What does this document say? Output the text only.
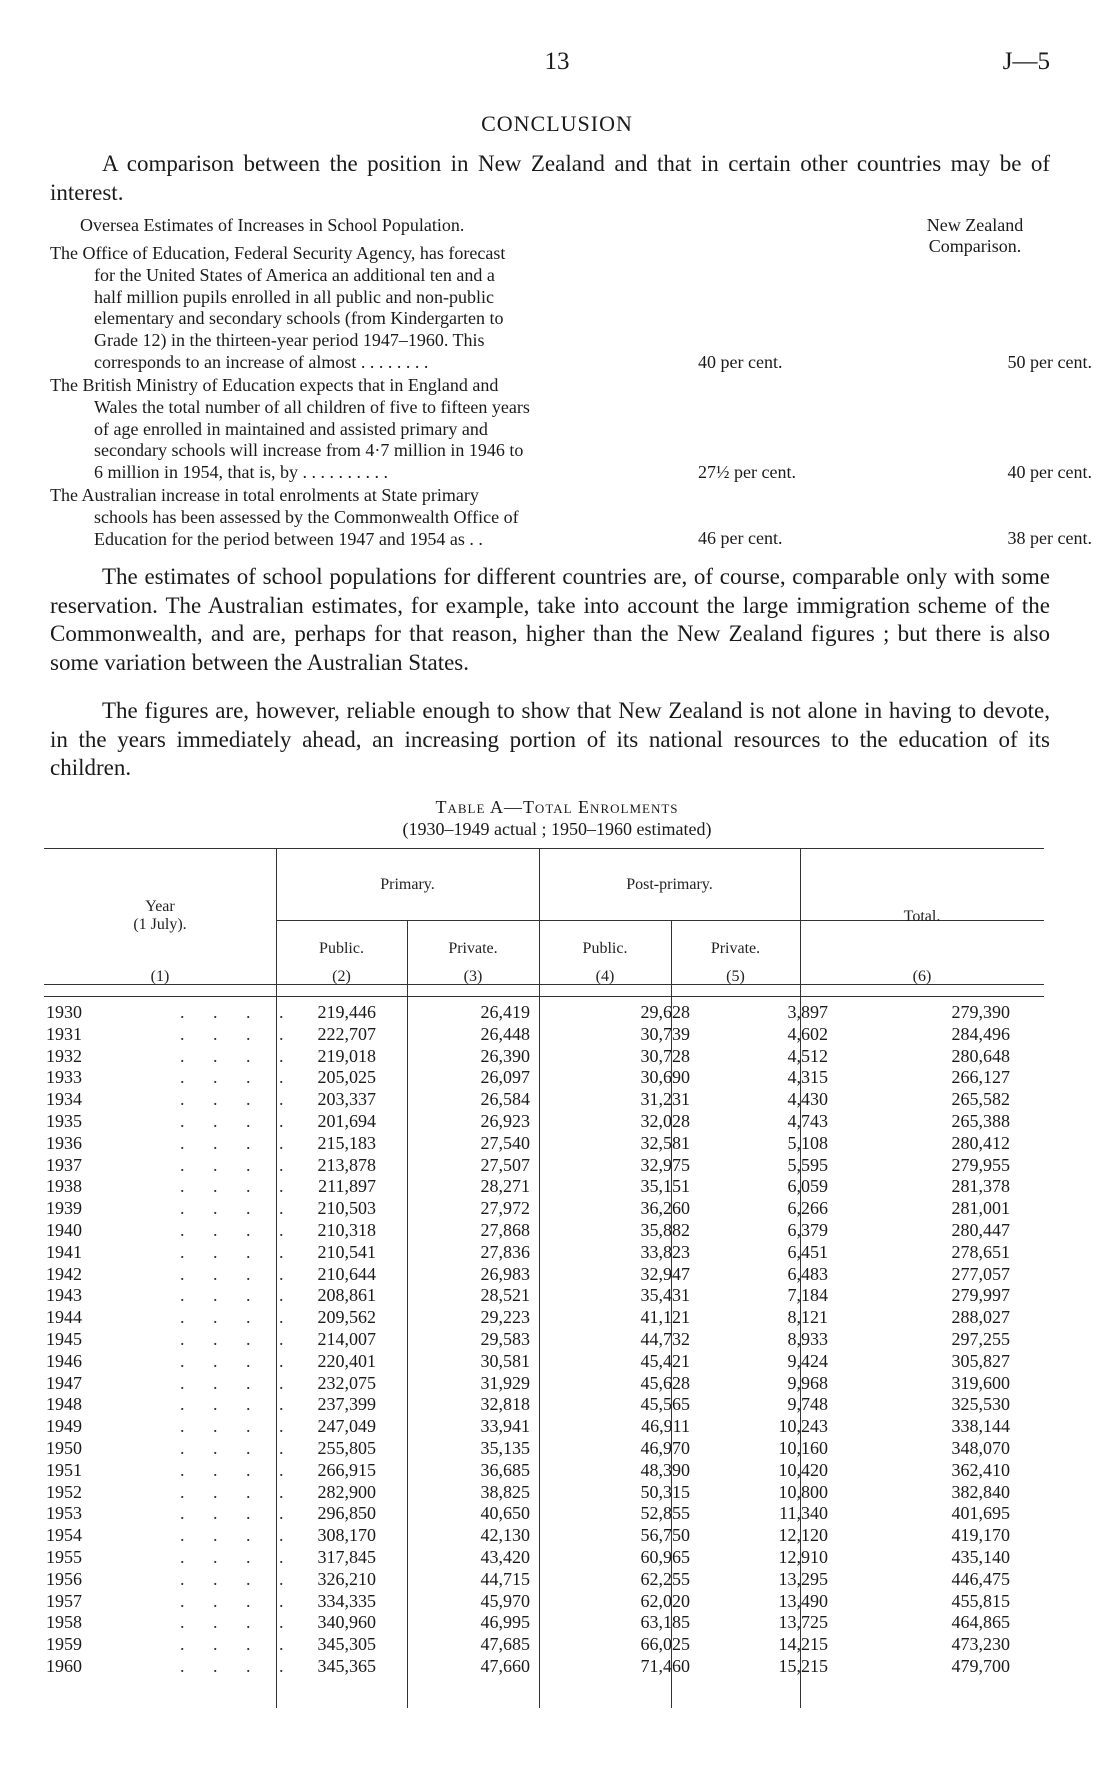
13	J—5
CONCLUSION
A comparison between the position in New Zealand and that in certain other countries may be of interest.
Oversea Estimates of Increases in School Population.	New Zealand
Comparison.
The Office of Education, Federal Security Agency, has forecast
for the United States of America an additional ten and a
half million pupils enrolled in all public and non-public
elementary and secondary schools (from Kindergarten to
Grade 12) in the thirteen-year period 1947–1960. This
corresponds to an increase of almost . . . . . . . .	40 per cent.	50 per cent.
The British Ministry of Education expects that in England and
Wales the total number of all children of five to fifteen years
of age enrolled in maintained and assisted primary and
secondary schools will increase from 4·7 million in 1946 to
6 million in 1954, that is, by . . . . . . . . . .	27½ per cent.	40 per cent.
The Australian increase in total enrolments at State primary
schools has been assessed by the Commonwealth Office of
Education for the period between 1947 and 1954 as . .	46 per cent.	38 per cent.
The estimates of school populations for different countries are, of course, comparable only with some reservation. The Australian estimates, for example, take into account the large immigration scheme of the Commonwealth, and are, perhaps for that reason, higher than the New Zealand figures ; but there is also some variation between the Australian States.
The figures are, however, reliable enough to show that New Zealand is not alone in having to devote, in the years immediately ahead, an increasing portion of its national resources to the education of its children.
Table A—Total Enrolments
(1930–1949 actual ; 1950–1960 estimated)
Year
(1 July).
Primary.	Post-primary.
Public.	Private.	Public.	Private.
Total.
(1)	(2)	(3)	(4)	(5)	(6)
1930	. . . .	219,446	26,419	29,628	3,897	279,390
1931	. . . .	222,707	26,448	30,739	4,602	284,496
1932	. . . .	219,018	26,390	30,728	4,512	280,648
1933	. . . .	205,025	26,097	30,690	4,315	266,127
1934	. . . .	203,337	26,584	31,231	4,430	265,582
1935	. . . .	201,694	26,923	32,028	4,743	265,388
1936	. . . .	215,183	27,540	32,581	5,108	280,412
1937	. . . .	213,878	27,507	32,975	5,595	279,955
1938	. . . .	211,897	28,271	35,151	6,059	281,378
1939	. . . .	210,503	27,972	36,260	6,266	281,001
1940	. . . .	210,318	27,868	35,882	6,379	280,447
1941	. . . .	210,541	27,836	33,823	6,451	278,651
1942	. . . .	210,644	26,983	32,947	6,483	277,057
1943	. . . .	208,861	28,521	35,431	7,184	279,997
1944	. . . .	209,562	29,223	41,121	8,121	288,027
1945	. . . .	214,007	29,583	44,732	8,933	297,255
1946	. . . .	220,401	30,581	45,421	9,424	305,827
1947	. . . .	232,075	31,929	45,628	9,968	319,600
1948	. . . .	237,399	32,818	45,565	9,748	325,530
1949	. . . .	247,049	33,941	46,911	10,243	338,144
1950	. . . .	255,805	35,135	46,970	10,160	348,070
1951	. . . .	266,915	36,685	48,390	10,420	362,410
1952	. . . .	282,900	38,825	50,315	10,800	382,840
1953	. . . .	296,850	40,650	52,855	11,340	401,695
1954	. . . .	308,170	42,130	56,750	12,120	419,170
1955	. . . .	317,845	43,420	60,965	12,910	435,140
1956	. . . .	326,210	44,715	62,255	13,295	446,475
1957	. . . .	334,335	45,970	62,020	13,490	455,815
1958	. . . .	340,960	46,995	63,185	13,725	464,865
1959	. . . .	345,305	47,685	66,025	14,215	473,230
1960	. . . .	345,365	47,660	71,460	15,215	479,700
